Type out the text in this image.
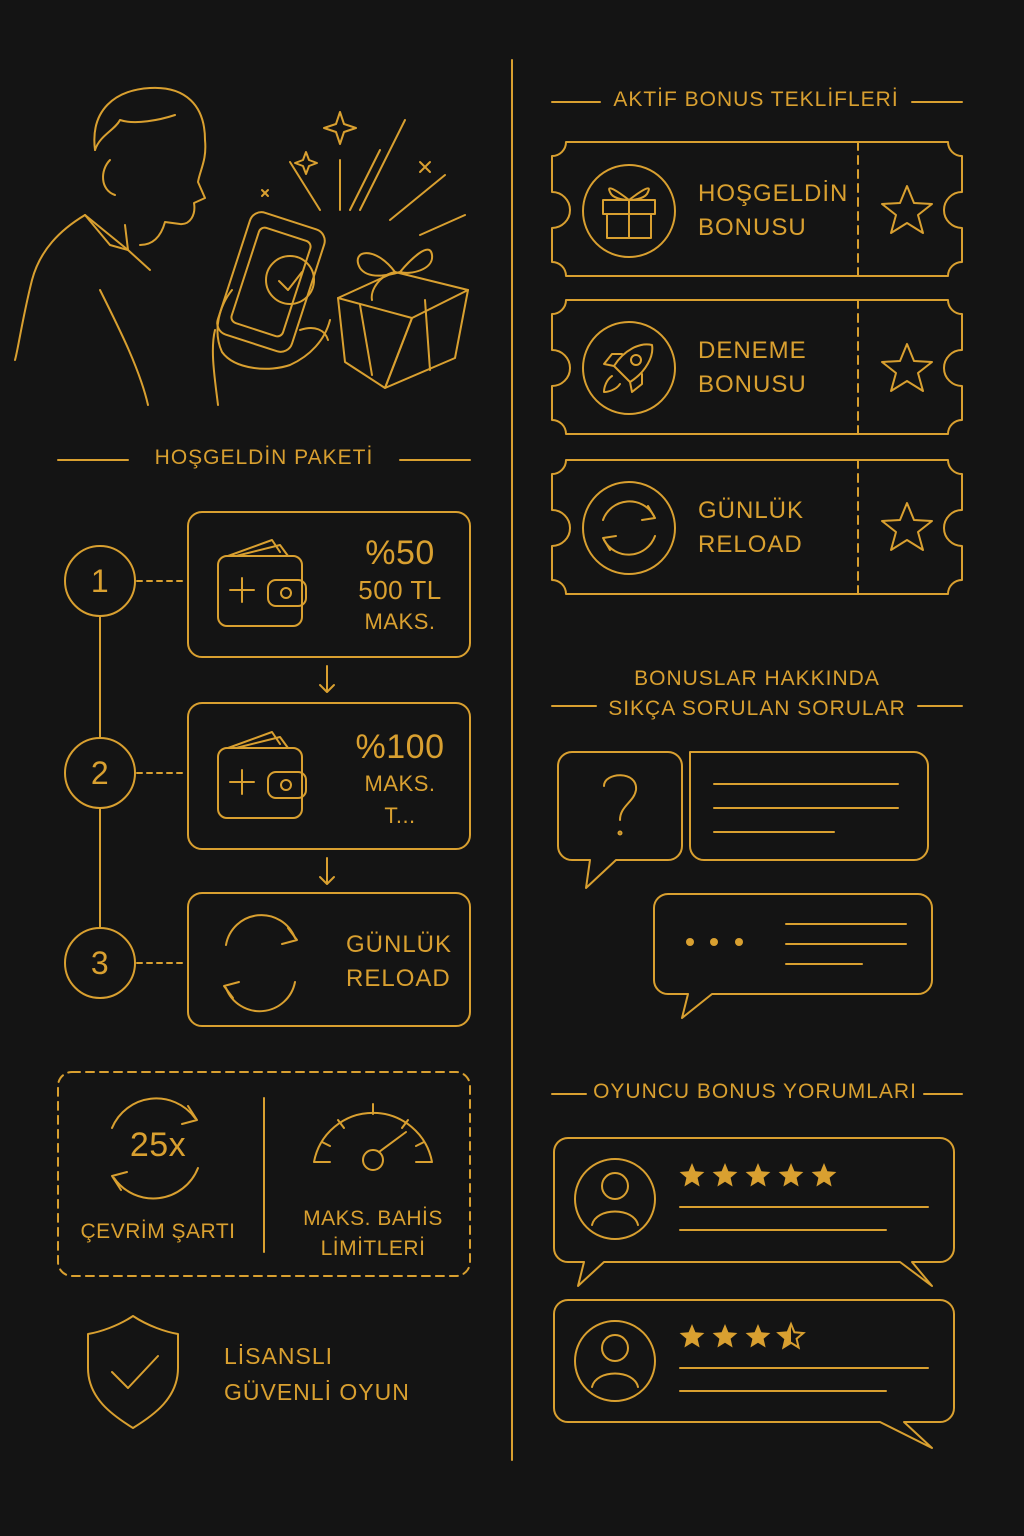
HOŞGELDİN PAKETİ
1
2
3
%50
500 TL
MAKS.
%100
MAKS.
T...
GÜNLÜK
RELOAD
25x
ÇEVRİM ŞARTI
MAKS. BAHİS
LİMİTLERİ
LİSANSLI
GÜVENLİ OYUN
AKTİF BONUS TEKLİFLERİ
HOŞGELDİN
BONUSU
DENEME
BONUSU
GÜNLÜK
RELOAD
BONUSLAR HAKKINDA
SIKÇA SORULAN SORULAR
OYUNCU BONUS YORUMLARI
